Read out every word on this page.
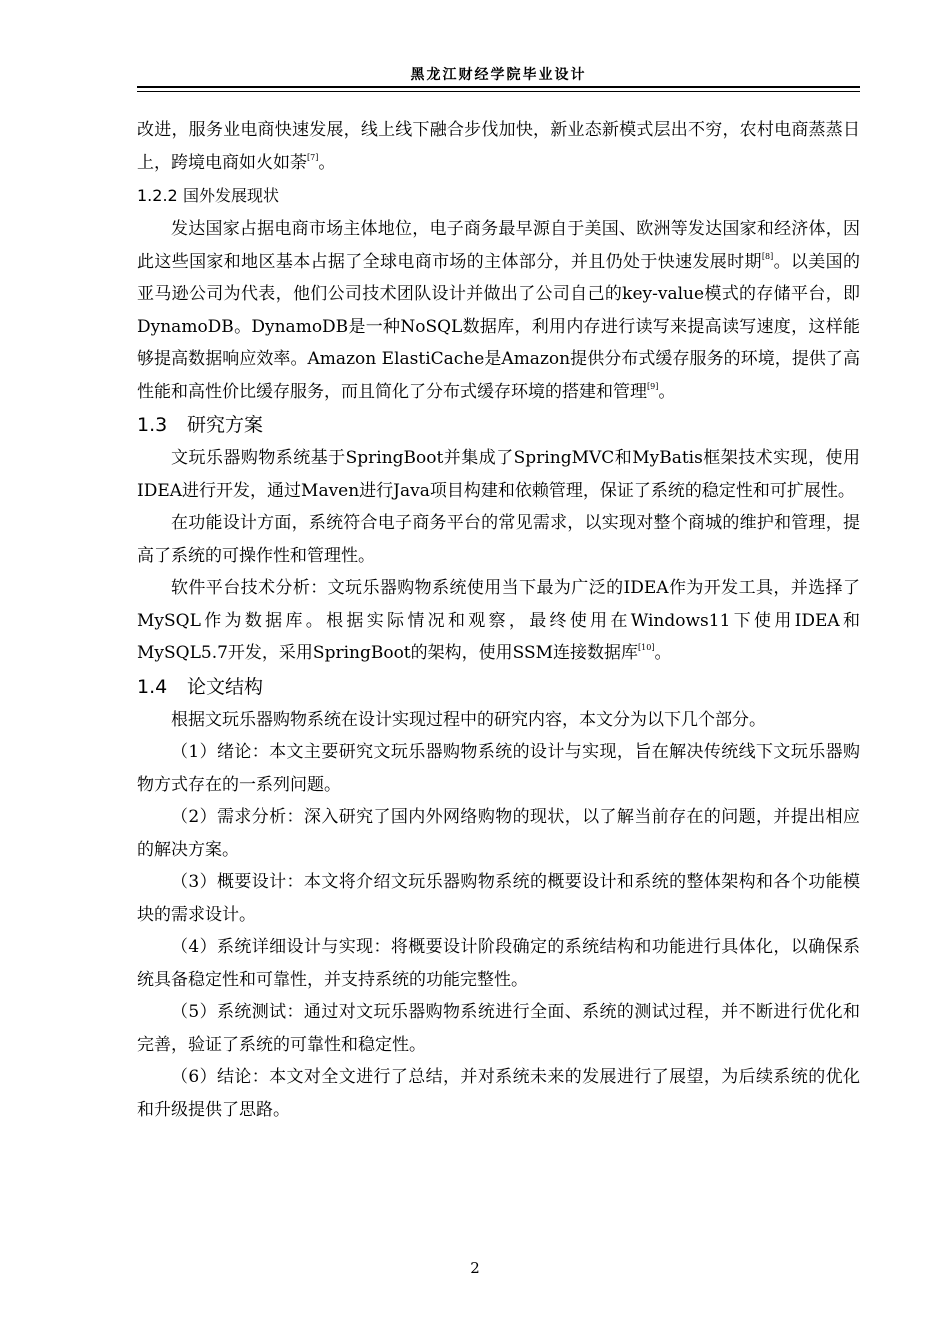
黑龙江财经学院毕业设计

改进，服务业电商快速发展，线上线下融合步伐加快，新业态新模式层出不穷，农村电商蒸蒸日上，跨境电商如火如荼[7]。

1.2.2 国外发展现状

发达国家占据电商市场主体地位，电子商务最早源自于美国、欧洲等发达国家和经济体，因此这些国家和地区基本占据了全球电商市场的主体部分，并且仍处于快速发展时期[8]。以美国的亚马逊公司为代表，他们公司技术团队设计并做出了公司自己的key-value模式的存储平台，即DynamoDB。DynamoDB是一种NoSQL数据库，利用内存进行读写来提高读写速度，这样能够提高数据响应效率。Amazon ElastiCache是Amazon提供分布式缓存服务的环境，提供了高性能和高性价比缓存服务，而且简化了分布式缓存环境的搭建和管理[9]。

1.3 研究方案

文玩乐器购物系统基于SpringBoot并集成了SpringMVC和MyBatis框架技术实现，使用IDEA进行开发，通过Maven进行Java项目构建和依赖管理，保证了系统的稳定性和可扩展性。

在功能设计方面，系统符合电子商务平台的常见需求，以实现对整个商城的维护和管理，提高了系统的可操作性和管理性。

软件平台技术分析：文玩乐器购物系统使用当下最为广泛的IDEA作为开发工具，并选择了MySQL作为数据库。根据实际情况和观察，最终使用在Windows11下使用IDEA和MySQL5.7开发，采用SpringBoot的架构，使用SSM连接数据库[10]。

1.4 论文结构

根据文玩乐器购物系统在设计实现过程中的研究内容，本文分为以下几个部分。

（1）绪论：本文主要研究文玩乐器购物系统的设计与实现，旨在解决传统线下文玩乐器购物方式存在的一系列问题。

（2）需求分析：深入研究了国内外网络购物的现状，以了解当前存在的问题，并提出相应的解决方案。

（3）概要设计：本文将介绍文玩乐器购物系统的概要设计和系统的整体架构和各个功能模块的需求设计。

（4）系统详细设计与实现：将概要设计阶段确定的系统结构和功能进行具体化，以确保系统具备稳定性和可靠性，并支持系统的功能完整性。

（5）系统测试：通过对文玩乐器购物系统进行全面、系统的测试过程，并不断进行优化和完善，验证了系统的可靠性和稳定性。

（6）结论：本文对全文进行了总结，并对系统未来的发展进行了展望，为后续系统的优化和升级提供了思路。

2
